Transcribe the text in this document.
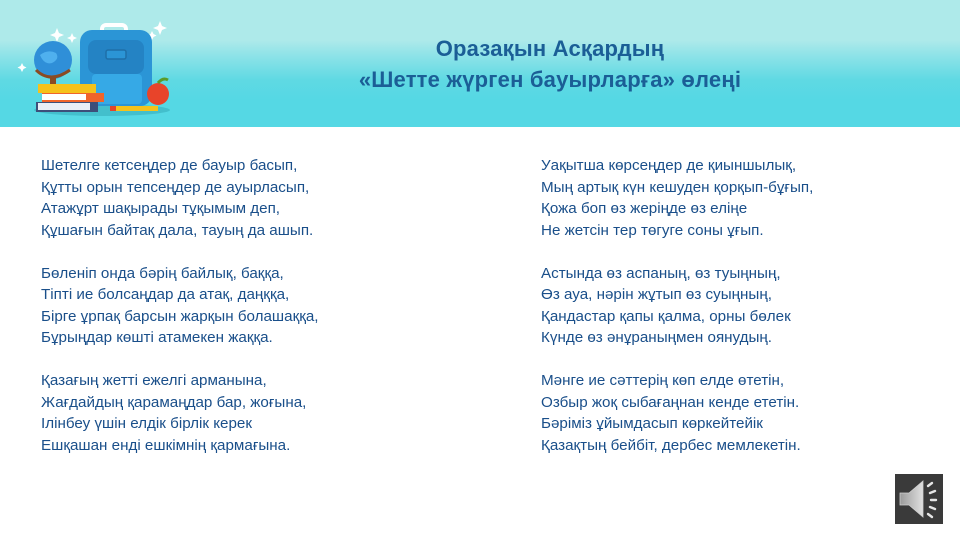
Оразақын Асқардың
«Шетте жүрген бауырларға» өлеңі
Шетелге кетсеңдер де бауыр басып,
Құтты орын тепсеңдер де ауырласып,
Атажұрт шақырады тұқымым деп,
Құшағын байтақ дала, тауың да ашып.
Бөленіп онда бәрің байлық, баққа,
Тіпті ие болсаңдар да атақ, даңққа,
Бірге ұрпақ барсын жарқын болашаққа,
Бұрыңдар көшті атамекен жаққа.
Қазағың жетті ежелгі арманына,
Жағдайдың қарамаңдар бар, жоғына,
Ілінбеу үшін елдік бірлік керек
Ешқашан енді ешкімнің қармағына.
Уақытша көрсеңдер де қиыншылық,
Мың артық күн кешуден қорқып-бұғып,
Қожа боп өз жеріңде өз еліңе
Не жетсін тер төгуге соны ұғып.
Астында өз аспаның, өз туыңның,
Өз ауа, нәрін жұтып өз суыңның,
Қандастар қапы қалма, орны бөлек
Күнде өз әнұраныңмен оянудың.
Мәнге ие сәттерің көп елде өтетін,
Озбыр жоқ сыбағаңнан кенде ететін.
Бәріміз ұйымдасып көркейтейік
Қазақтың бейбіт, дербес мемлекетін.
